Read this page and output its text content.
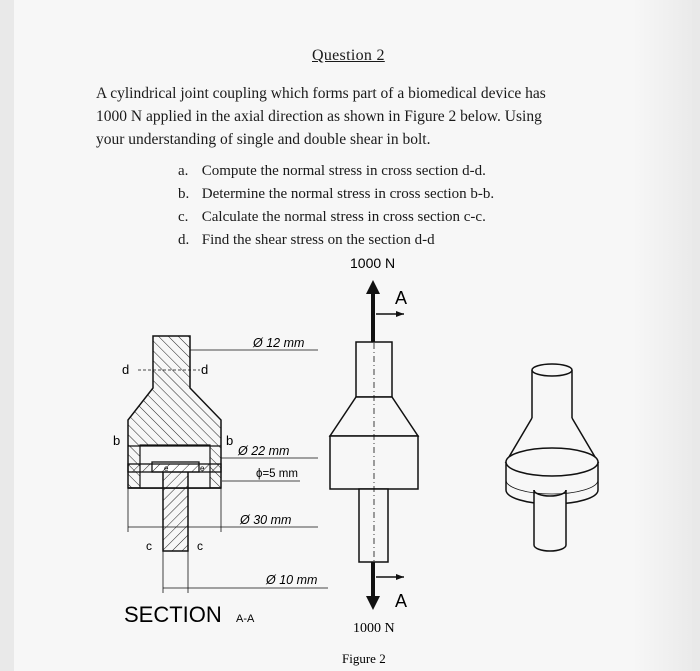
Question 2
A cylindrical joint coupling which forms part of a biomedical device has
1000 N applied in the axial direction as shown in Figure 2 below. Using
your understanding of single and double shear in bolt.
a. Compute the normal stress in cross section d-d.
b. Determine the normal stress in cross section b-b.
c. Calculate the normal stress in cross section c-c.
d. Find the shear stress on the section d-d
d	d
b	b
e	e
c	c
Ø 12 mm
Ø 22 mm
ϕ=5 mm
Ø 30 mm
Ø 10 mm
SECTION A-A
1000 N
A
A
1000 N
Figure 2
